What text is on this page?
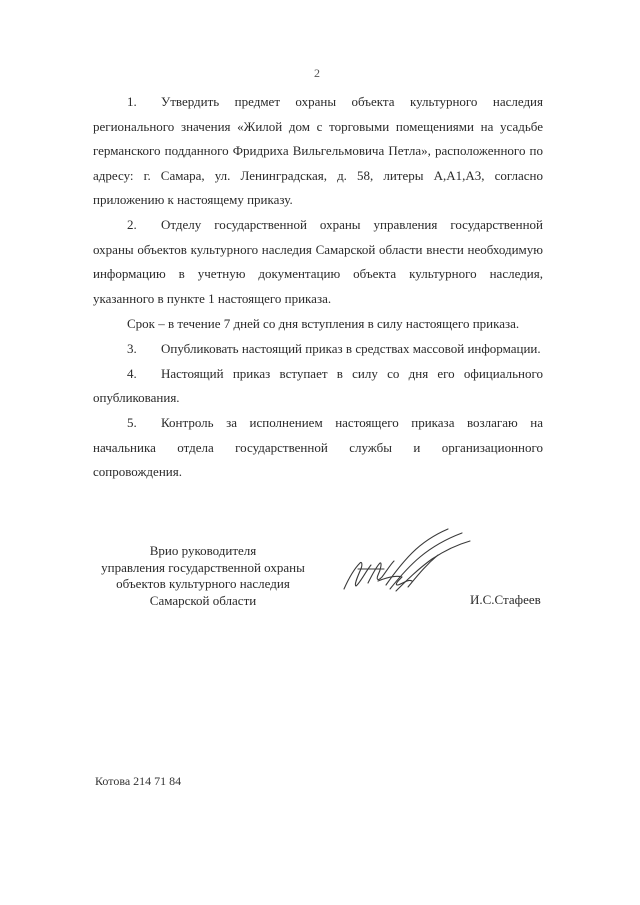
2

1. Утвердить предмет охраны объекта культурного наследия регионального значения «Жилой дом с торговыми помещениями на усадьбе германского подданного Фридриха Вильгельмовича Петла», расположенного по адресу: г. Самара, ул. Ленинградская, д. 58, литеры А,А1,А3, согласно приложению к настоящему приказу.

2. Отделу государственной охраны управления государственной охраны объектов культурного наследия Самарской области внести необходимую информацию в учетную документацию объекта культурного наследия, указанного в пункте 1 настоящего приказа.

Срок – в течение 7 дней со дня вступления в силу настоящего приказа.

3. Опубликовать настоящий приказ в средствах массовой информации.

4. Настоящий приказ вступает в силу со дня его официального опубликования.

5. Контроль за исполнением настоящего приказа возлагаю на начальника отдела государственной службы и организационного сопровождения.

Врио руководителя
управления государственной охраны
объектов культурного наследия
Самарской области	И.С.Стафеев
Котова 214 71 84
